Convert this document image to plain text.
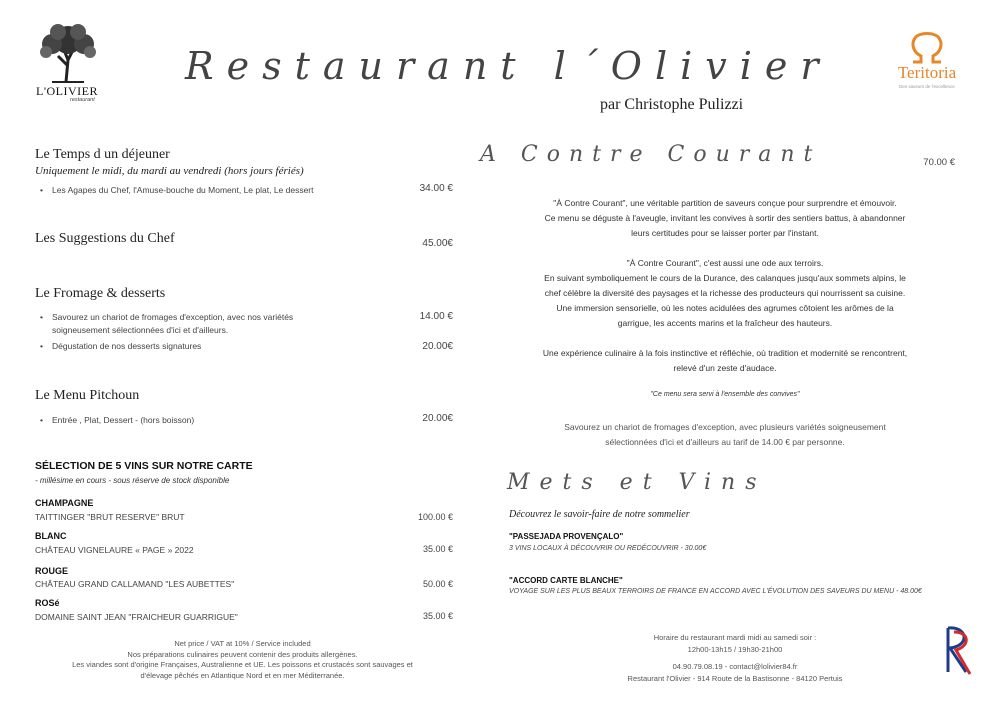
L'OLIVIER
restaurant
Restaurant l´Olivier
par Christophe Pulizzi
Teritoria
Des saveurs de l'excellence
Le Temps d un déjeuner
Uniquement le midi, du mardi au vendredi (hors jours fériés)
• Les Agapes du Chef, l'Amuse-bouche du Moment, Le plat, Le dessert	34.00 €
Les Suggestions du Chef	45.00€
Le Fromage & desserts
• Savourez un chariot de fromages d'exception, avec nos variétés
soigneusement sélectionnées d'ici et d'ailleurs.
14.00 €
• Dégustation de nos desserts signatures	20.00€
Le Menu Pitchoun
• Entrée , Plat, Dessert - (hors boisson)	20.00€
SÉLECTION DE 5 VINS SUR NOTRE CARTE
- millésime en cours - sous réserve de stock disponible
CHAMPAGNE
TAITTINGER "BRUT RESERVE" BRUT	100.00 €
BLANC
CHÂTEAU VIGNELAURE « PAGE » 2022	35.00 €
ROUGE
CHÂTEAU GRAND CALLAMAND "LES AUBETTES"	50.00 €
ROSé
DOMAINE SAINT JEAN "FRAICHEUR GUARRIGUE"	35.00 €
Net price / VAT at 10% / Service included
Nos préparations culinaires peuvent contenir des produits allergènes.
Les viandes sont d'origine Françaises, Australienne et UE. Les poissons et crustacés sont sauvages et
d'élevage pêchés en Atlantique Nord et en mer Méditerranée.
A Contre Courant	70.00 €
"À Contre Courant", une véritable partition de saveurs conçue pour surprendre et émouvoir.
Ce menu se déguste à l'aveugle, invitant les convives à sortir des sentiers battus, à abandonner
leurs certitudes pour se laisser porter par l'instant.
"À Contre Courant", c'est aussi une ode aux terroirs.
En suivant symboliquement le cours de la Durance, des calanques jusqu'aux sommets alpins, le
chef célèbre la diversité des paysages et la richesse des producteurs qui nourrissent sa cuisine.
Une immersion sensorielle, où les notes acidulées des agrumes côtoient les arômes de la
garrigue, les accents marins et la fraîcheur des hauteurs.
Une expérience culinaire à la fois instinctive et réfléchie, où tradition et modernité se rencontrent,
relevé d'un zeste d'audace.
"Ce menu sera servi à l'ensemble des convives"
Savourez un chariot de fromages d'exception, avec plusieurs variétés soigneusement
sélectionnées d'ici et d'ailleurs au tarif de 14.00 € par personne.
Mets et Vins
Découvrez le savoir-faire de notre sommelier
"PASSEJADA PROVENÇALO"
3 VINS LOCAUX À DÉCOUVRIR OU REDÉCOUVRIR - 30.00€
"ACCORD CARTE BLANCHE"
VOYAGE SUR LES PLUS BEAUX TERROIRS DE FRANCE EN ACCORD AVEC L'ÉVOLUTION DES SAVEURS DU MENU - 48.00€
Horaire du restaurant mardi midi au samedi soir :
12h00-13h15 / 19h30-21h00
04.90.79.08.19 - contact@lolivier84.fr
Restaurant l'Olivier - 914 Route de la Bastisonne - 84120 Pertuis
